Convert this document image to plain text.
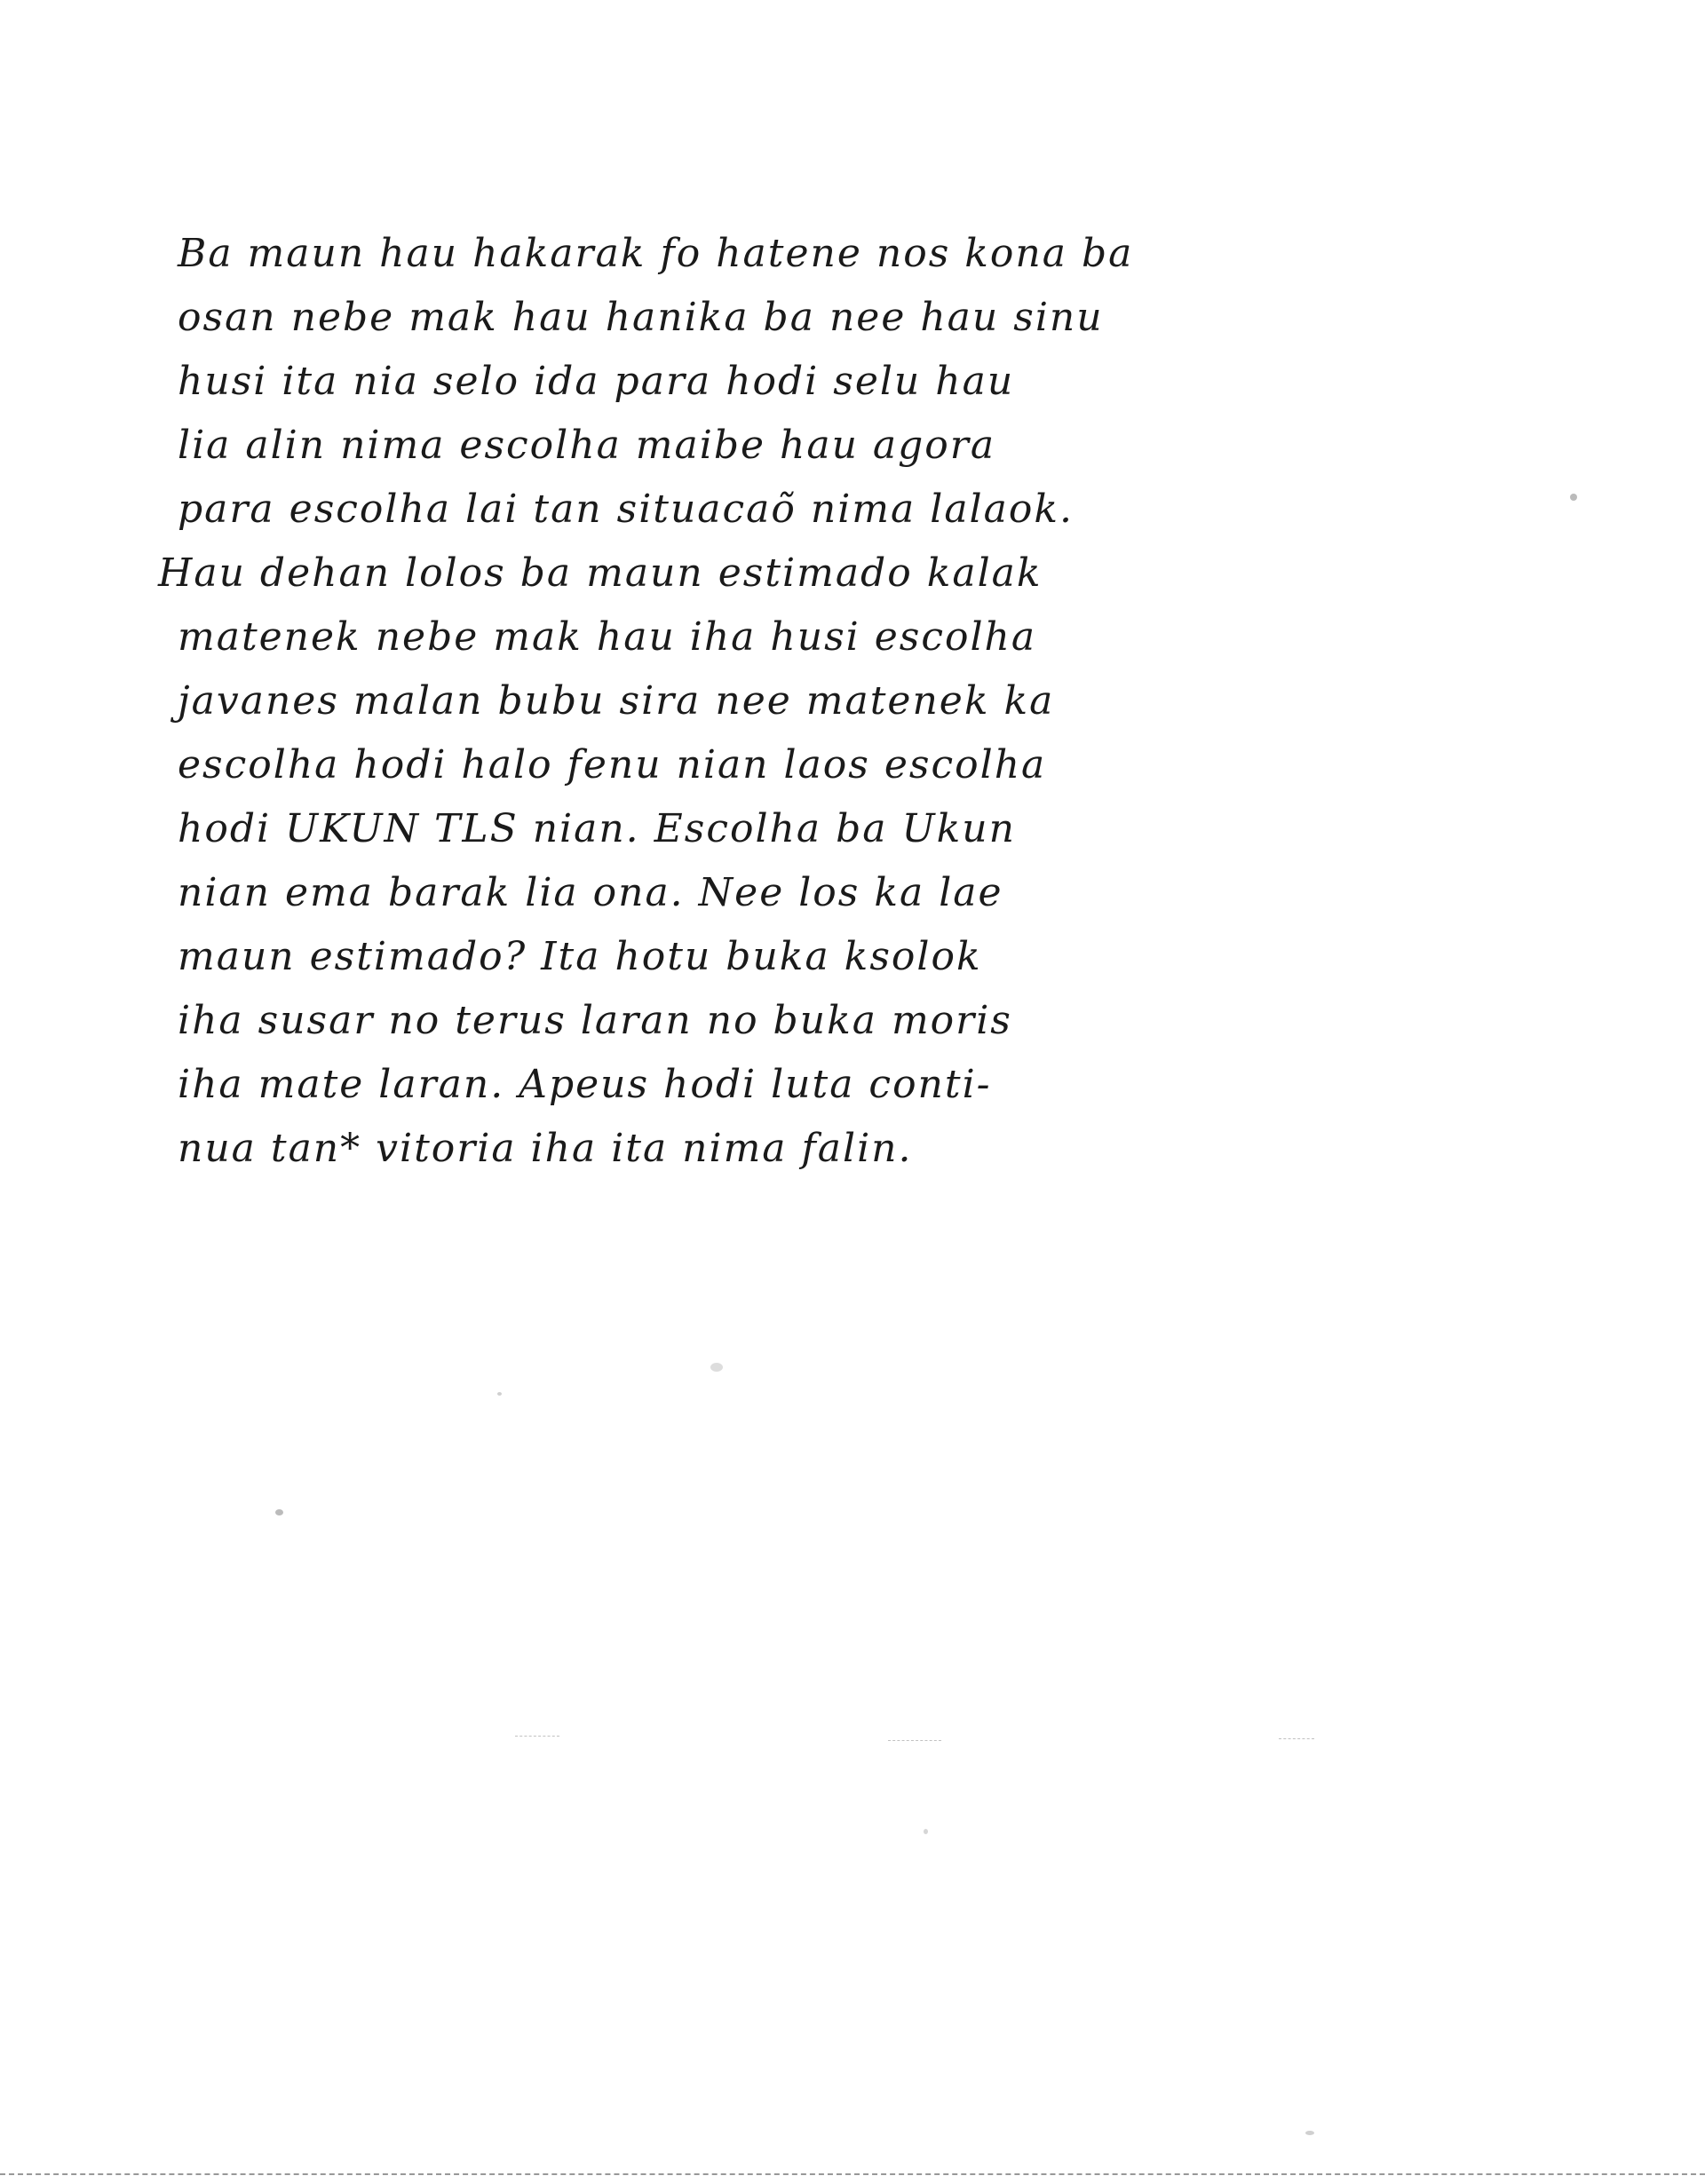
Ba maun hau hakarak fo hatene nos kona ba
osan nebe mak hau hanika ba nee hau sinu
husi ita nia selo ida para hodi selu hau
lia alin nima escolha maibe hau agora
para escolha lai tan situacaõ nima lalaok.
Hau dehan lolos ba maun estimado kalak
matenek nebe mak hau iha husi escolha
javanes malan bubu sira nee matenek ka
escolha hodi halo fenu nian laos escolha
hodi UKUN TLS nian. Escolha ba Ukun
nian ema barak lia ona. Nee los ka lae
maun estimado? Ita hotu buka ksolok
iha susar no terus laran no buka moris
iha mate laran. Apeus hodi luta conti-
nua tan* vitoria iha ita nima falin.
